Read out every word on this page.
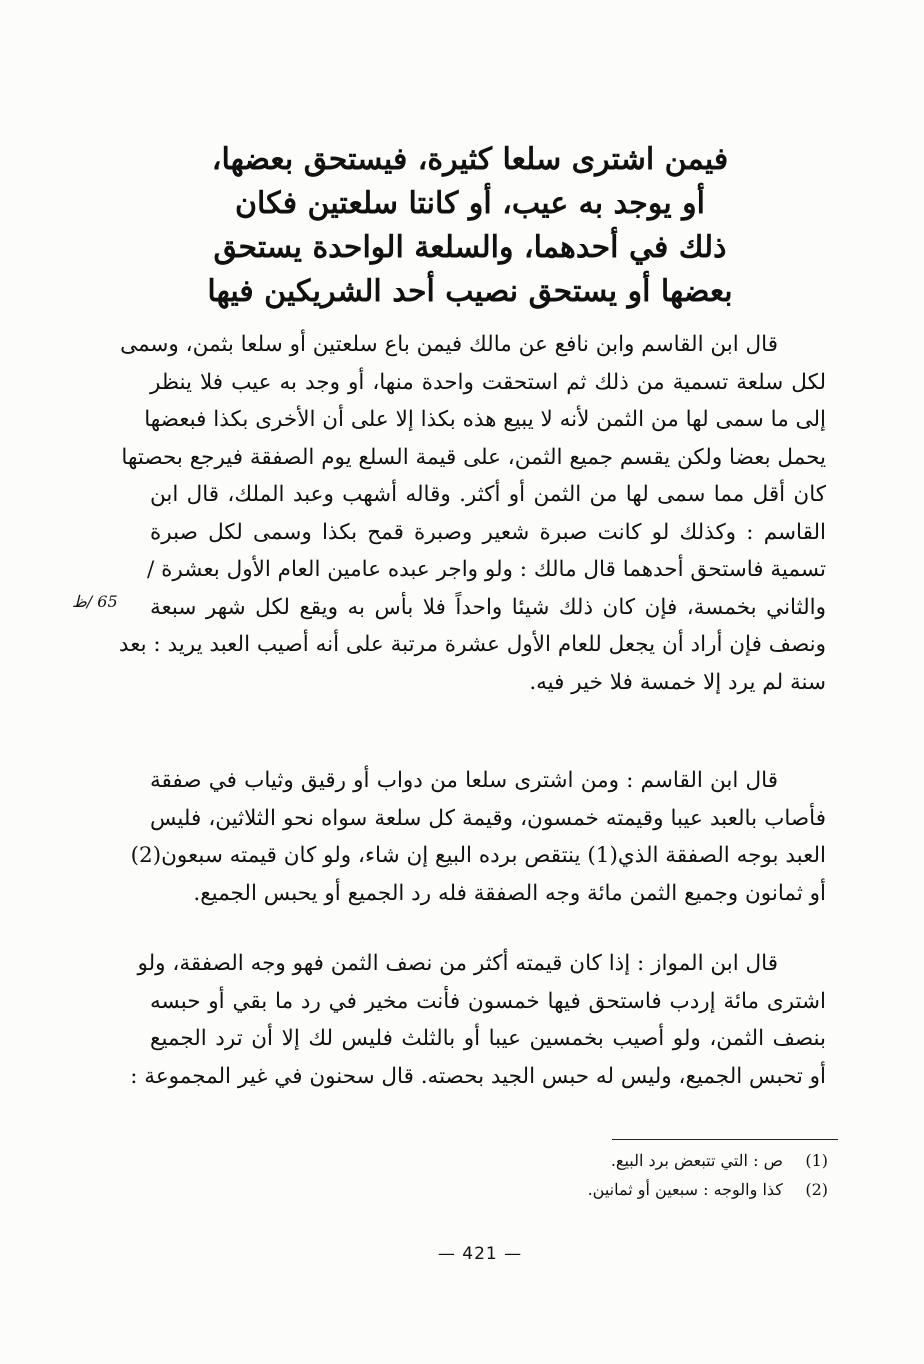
فيمن اشترى سلعا كثيرة، فيستحق بعضها،
أو يوجد به عيب، أو كانتا سلعتين فكان
ذلك في أحدهما، والسلعة الواحدة يستحق
بعضها أو يستحق نصيب أحد الشريكين فيها
قال ابن القاسم وابن نافع عن مالك فيمن باع سلعتين أو سلعا بثمن، وسمى
لكل سلعة تسمية من ذلك ثم استحقت واحدة منها، أو وجد به عيب فلا ينظر
إلى ما سمى لها من الثمن لأنه لا يبيع هذه بكذا إلا على أن الأخرى بكذا فبعضها
يحمل بعضا ولكن يقسم جميع الثمن، على قيمة السلع يوم الصفقة فيرجع بحصتها
كان أقل مما سمى لها من الثمن أو أكثر. وقاله أشهب وعبد الملك، قال ابن
القاسم : وكذلك لو كانت صبرة شعير وصبرة قمح بكذا وسمى لكل صبرة
تسمية فاستحق أحدهما قال مالك : ولو واجر عبده عامين العام الأول بعشرة /
والثاني بخمسة، فإن كان ذلك شيئا واحداً فلا بأس به ويقع لكل شهر سبعة
ونصف فإن أراد أن يجعل للعام الأول عشرة مرتبة على أنه أصيب العبد يريد : بعد
سنة لم يرد إلا خمسة فلا خير فيه.
65 /ظ
قال ابن القاسم : ومن اشترى سلعا من دواب أو رقيق وثياب في صفقة
فأصاب بالعبد عيبا وقيمته خمسون، وقيمة كل سلعة سواه نحو الثلاثين، فليس
العبد بوجه الصفقة الذي(1) ينتقص برده البيع إن شاء، ولو كان قيمته سبعون(2)
أو ثمانون وجميع الثمن مائة وجه الصفقة فله رد الجميع أو يحبس الجميع.
قال ابن المواز : إذا كان قيمته أكثر من نصف الثمن فهو وجه الصفقة، ولو
اشترى مائة إردب فاستحق فيها خمسون فأنت مخير في رد ما بقي أو حبسه
بنصف الثمن، ولو أصيب بخمسين عيبا أو بالثلث فليس لك إلا أن ترد الجميع
أو تحبس الجميع، وليس له حبس الجيد بحصته. قال سحنون في غير المجموعة :
(1) ص : التي تتبعض برد البيع.
(2) كذا والوجه : سبعين أو ثمانين.
— 421 —
